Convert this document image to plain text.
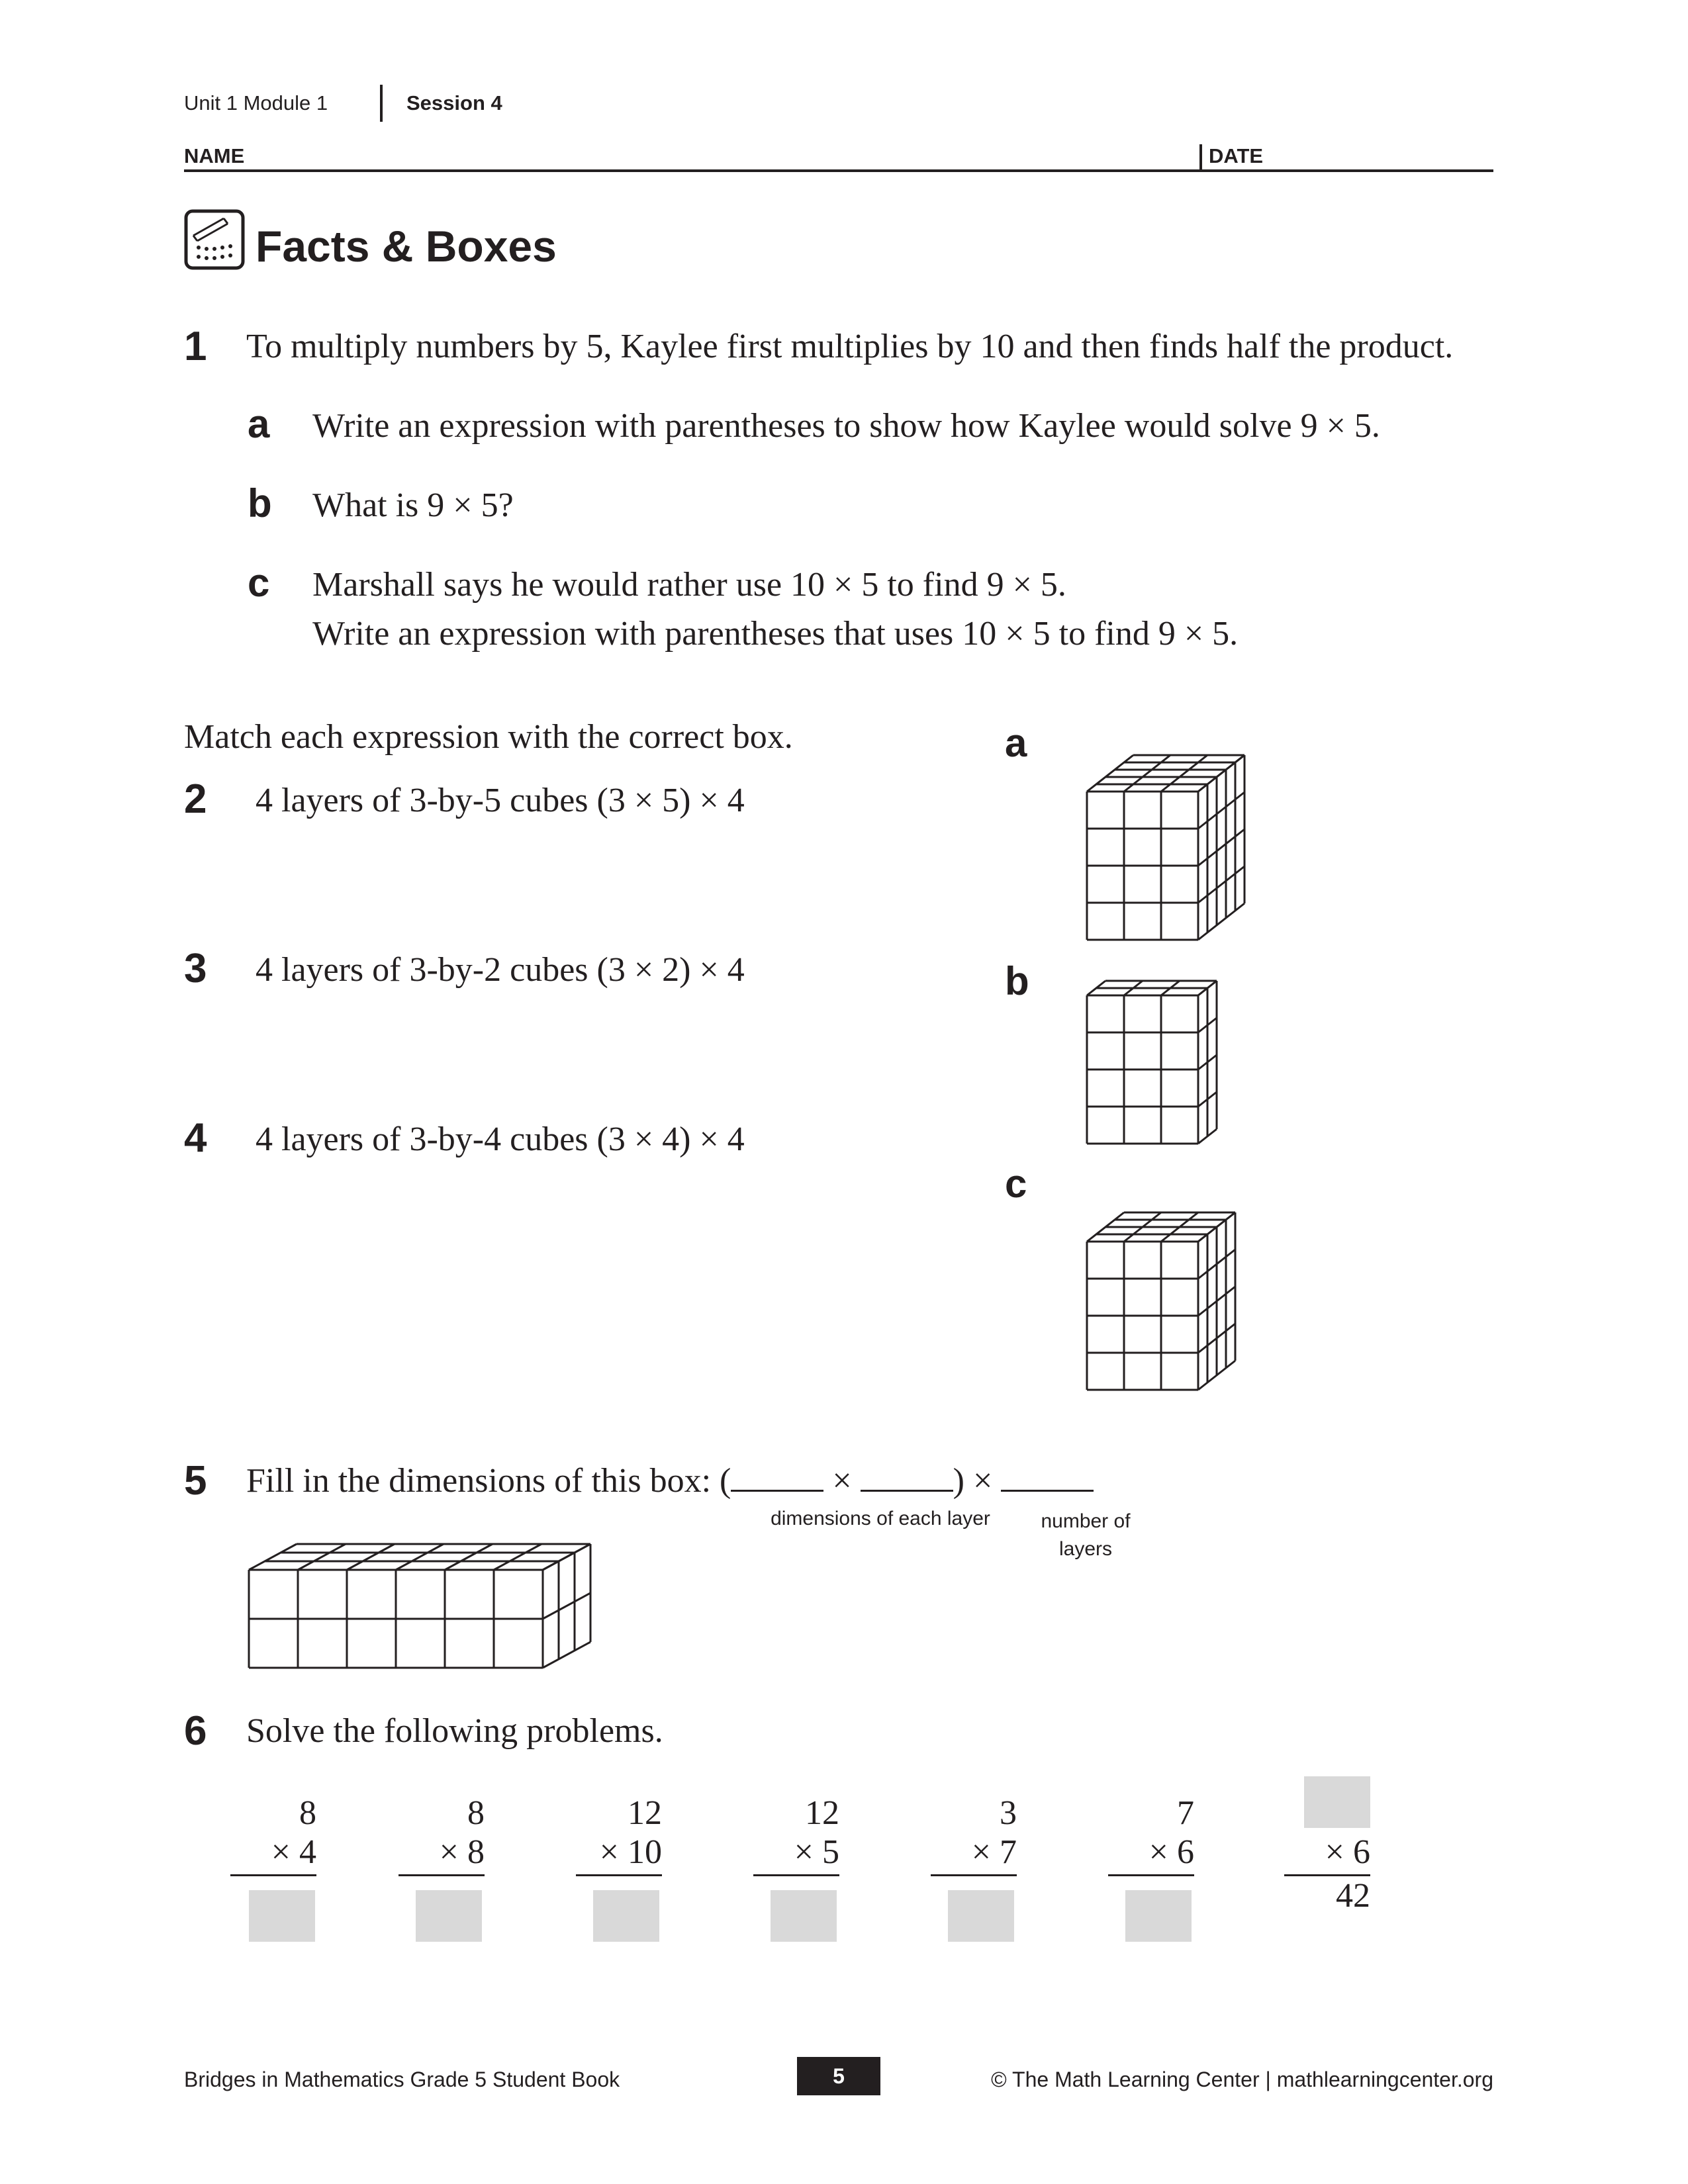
Unit 1 Module 1	Session 4
NAME	DATE
Facts & Boxes
1 To multiply numbers by 5, Kaylee first multiplies by 10 and then finds half the product.
a Write an expression with parentheses to show how Kaylee would solve 9 × 5.
b What is 9 × 5?
c Marshall says he would rather use 10 × 5 to find 9 × 5.
Write an expression with parentheses that uses 10 × 5 to find 9 × 5.
Match each expression with the correct box.
2 4 layers of 3-by-5 cubes (3 × 5) × 4
3 4 layers of 3-by-2 cubes (3 × 2) × 4
4 4 layers of 3-by-4 cubes (3 × 4) × 4
a
b
c
5 Fill in the dimensions of this box: (	×	) ×
dimensions of each layer	number of layers
6 Solve the following problems.
8
× 4
8
× 8
12
× 10
12
× 5
3
× 7
7
× 6
	× 6
42
Bridges in Mathematics Grade 5 Student Book	5	© The Math Learning Center | mathlearningcenter.org
